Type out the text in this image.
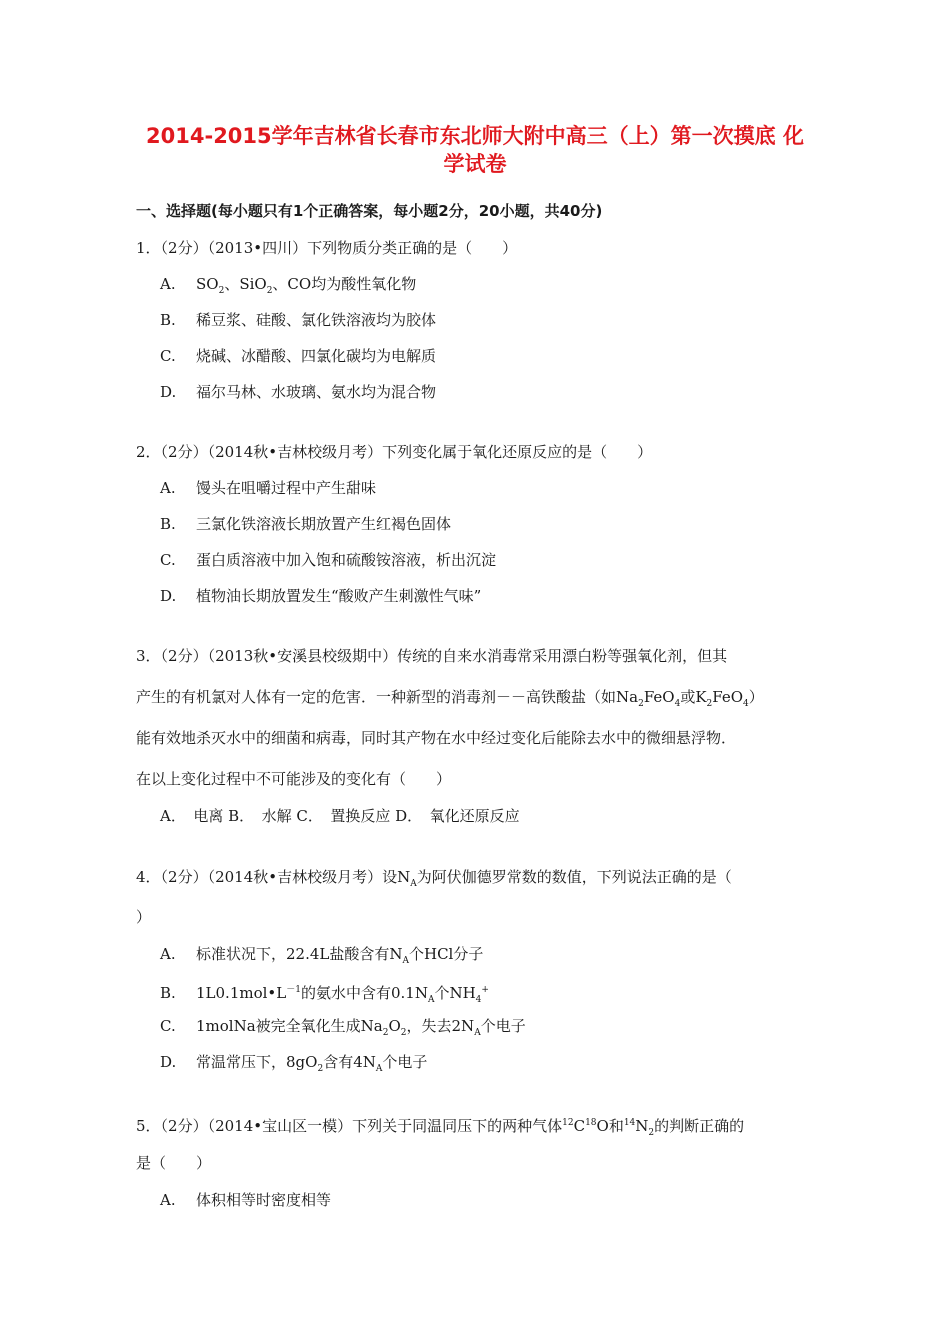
2014-2015学年吉林省长春市东北师大附中高三（上）第一次摸底 化
学试卷
一、选择题(每小题只有1个正确答案，每小题2分，20小题，共40分)
1．（2分）（2013•四川）下列物质分类正确的是（　　）
A. $SO_2$、SiO$_2$、CO均为酸性氧化物
B. 稀豆浆、硅酸、氯化铁溶液均为胶体
C. 烧碱、冰醋酸、四氯化碳均为电解质
D. 福尔马林、水玻璃、氨水均为混合物
2．（2分）（2014秋•吉林校级月考）下列变化属于氧化还原反应的是（　　）
A. 馒头在咀嚼过程中产生甜味
B. 三氯化铁溶液长期放置产生红褐色固体
C. 蛋白质溶液中加入饱和硫酸铵溶液，析出沉淀
D. 植物油长期放置发生“酸败产生刺激性气味”
3．（2分）（2013秋•安溪县校级期中）传统的自来水消毒常采用漂白粉等强氧化剂，但其
产生的有机氯对人体有一定的危害．一种新型的消毒剂－－高铁酸盐（如$Na_2FeO_4$或$K_2FeO_4$）
能有效地杀灭水中的细菌和病毒，同时其产物在水中经过变化后能除去水中的微细悬浮物．
在以上变化过程中不可能涉及的变化有（　　）
A．　电离 B．　水解 C．　置换反应 D．　氧化还原反应
4．（2分）（2014秋•吉林校级月考）设$N_A$为阿伏伽德罗常数的数值，下列说法正确的是（
）
A. 标准状况下，22.4L盐酸含有$N_A$个HCl分子
B. $1L0.1mol•L^{-1}$的氨水中含有$0.1N_A$个$NH_4^+$
C. 1molNa被完全氧化生成$Na_2O_2$，失去$2N_A$个电子
D. 常温常压下，$8gO_2$含有$4N_A$个电子
5．（2分）（2014•宝山区一模）下列关于同温同压下的两种气体$^{12}C^{18}O$和$^{14}N_2$的判断正确的
是（　　）
A. 体积相等时密度相等
